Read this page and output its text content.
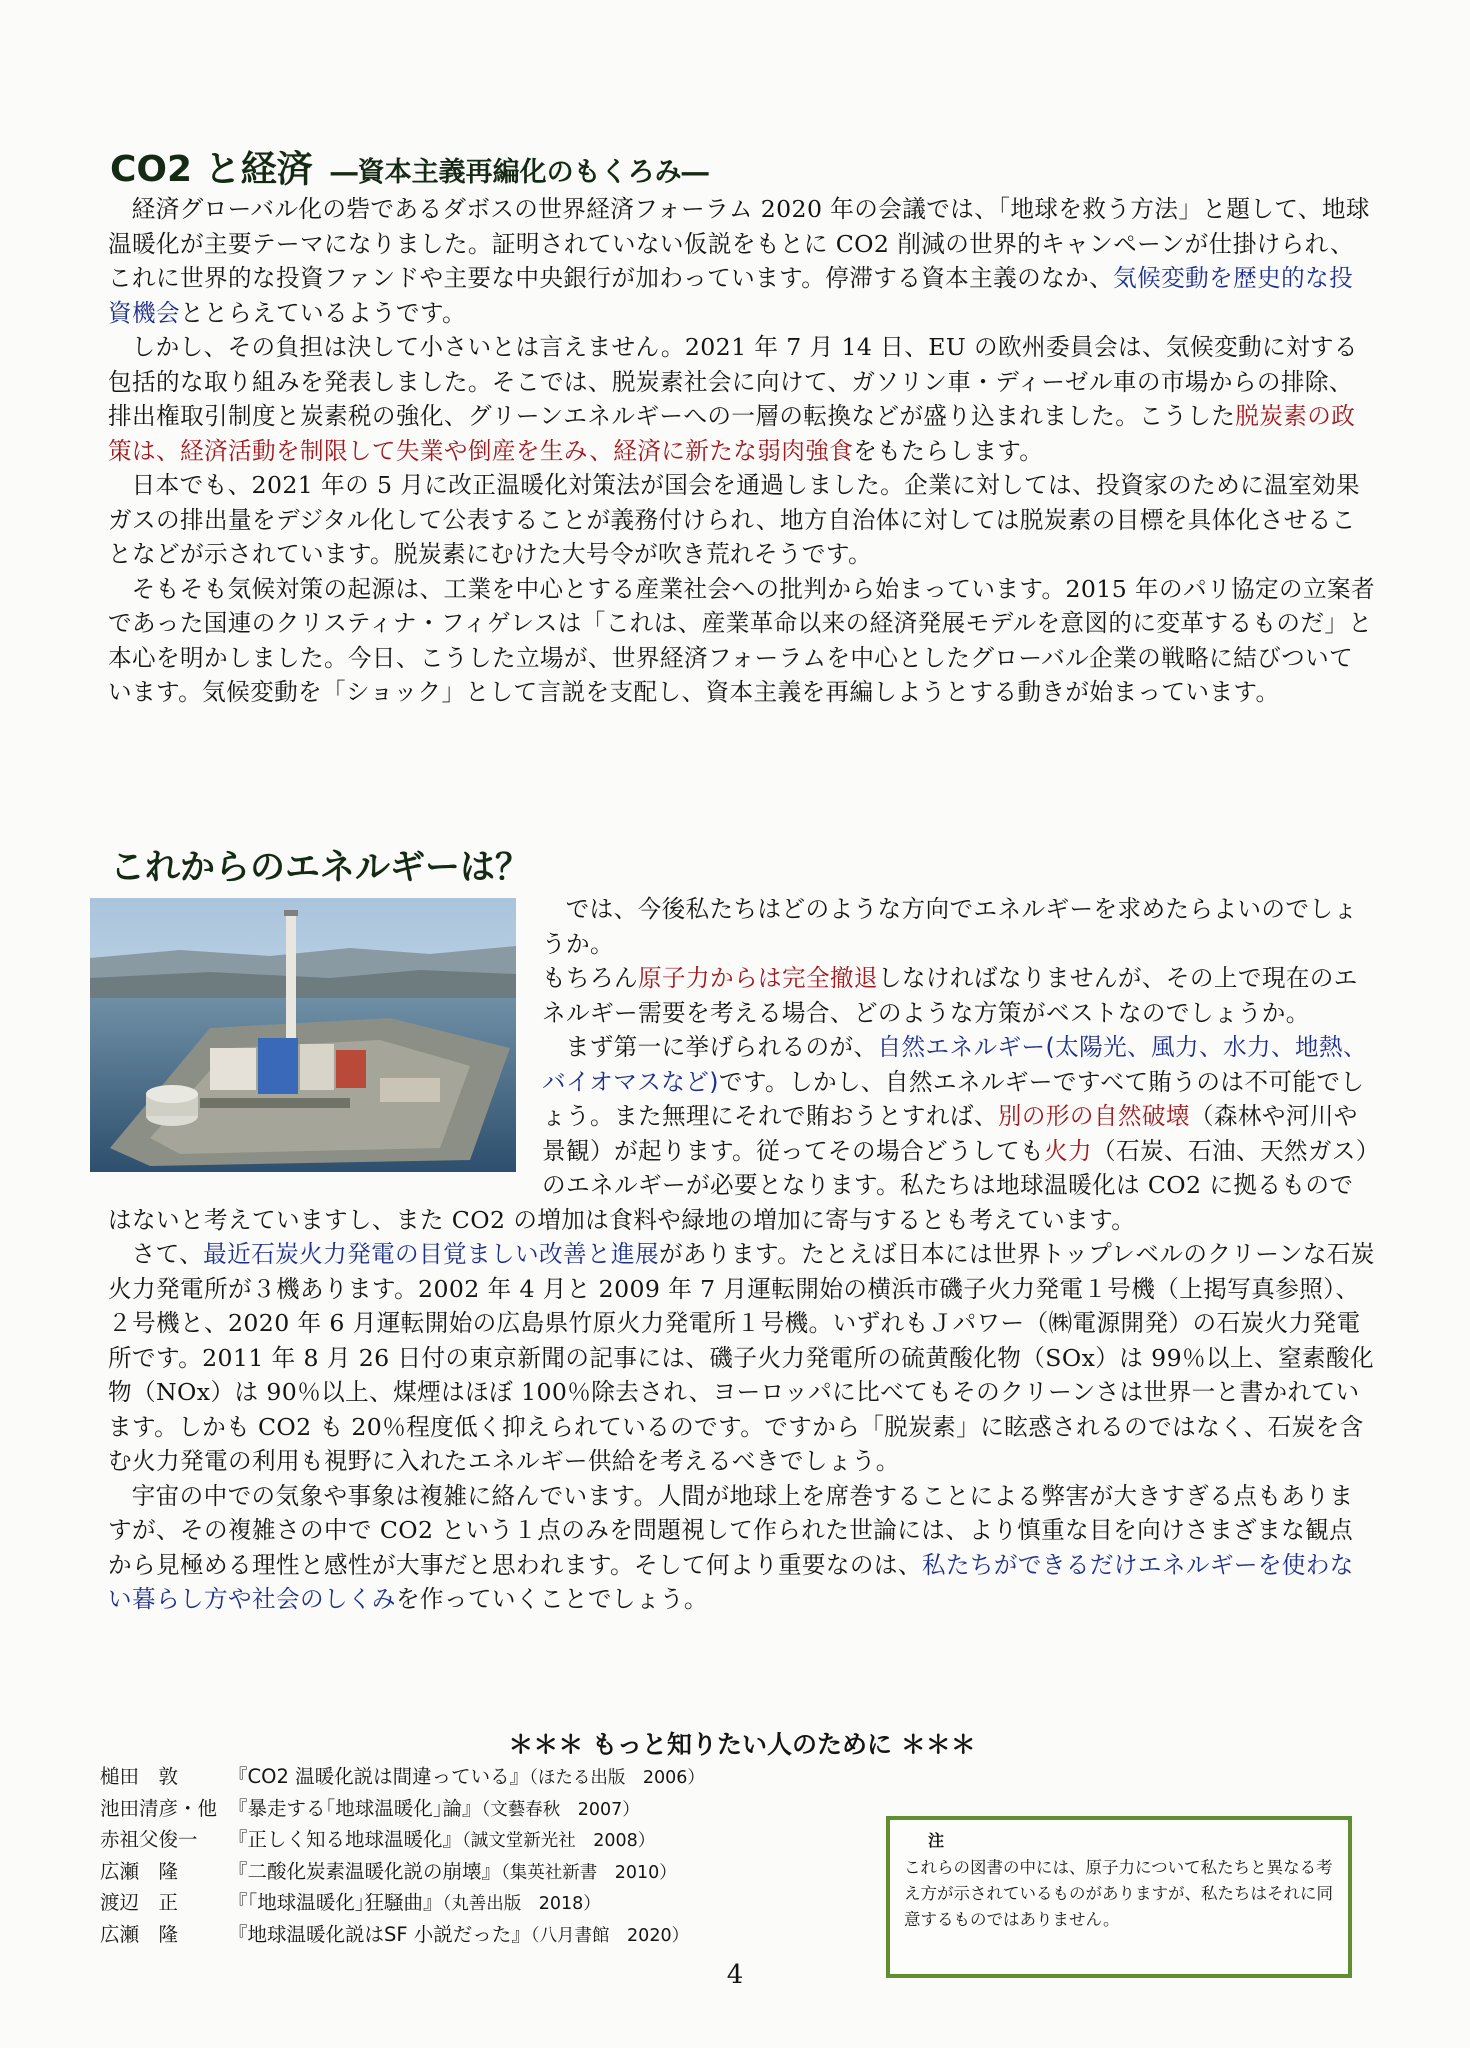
CO2 と経済 ―資本主義再編化のもくろみ―

経済グローバル化の砦であるダボスの世界経済フォーラム 2020 年の会議では、「地球を救う方法」と題して、地球温暖化が主要テーマになりました。証明されていない仮説をもとに CO2 削減の世界的キャンペーンが仕掛けられ、これに世界的な投資ファンドや主要な中央銀行が加わっています。停滞する資本主義のなか、気候変動を歴史的な投資機会ととらえているようです。

しかし、その負担は決して小さいとは言えません。2021 年 7 月 14 日、EU の欧州委員会は、気候変動に対する包括的な取り組みを発表しました。そこでは、脱炭素社会に向けて、ガソリン車・ディーゼル車の市場からの排除、排出権取引制度と炭素税の強化、グリーンエネルギーへの一層の転換などが盛り込まれました。こうした脱炭素の政策は、経済活動を制限して失業や倒産を生み、経済に新たな弱肉強食をもたらします。

日本でも、2021 年の 5 月に改正温暖化対策法が国会を通過しました。企業に対しては、投資家のために温室効果ガスの排出量をデジタル化して公表することが義務付けられ、地方自治体に対しては脱炭素の目標を具体化させることなどが示されています。脱炭素にむけた大号令が吹き荒れそうです。

そもそも気候対策の起源は、工業を中心とする産業社会への批判から始まっています。2015 年のパリ協定の立案者であった国連のクリスティナ・フィゲレスは「これは、産業革命以来の経済発展モデルを意図的に変革するものだ」と本心を明かしました。今日、こうした立場が、世界経済フォーラムを中心としたグローバル企業の戦略に結びついています。気候変動を「ショック」として言説を支配し、資本主義を再編しようとする動きが始まっています。

これからのエネルギーは？

では、今後私たちはどのような方向でエネルギーを求めたらよいのでしょうか。

もちろん原子力からは完全撤退しなければなりませんが、その上で現在のエネルギー需要を考える場合、どのような方策がベストなのでしょうか。

まず第一に挙げられるのが、自然エネルギー(太陽光、風力、水力、地熱、バイオマスなど)です。しかし、自然エネルギーですべて賄うのは不可能でしょう。また無理にそれで賄おうとすれば、別の形の自然破壊（森林や河川や景観）が起ります。従ってその場合どうしても火力（石炭、石油、天然ガス）のエネルギーが必要となります。私たちは地球温暖化は CO2 に拠るものではないと考えていますし、また CO2 の増加は食料や緑地の増加に寄与するとも考えています。

さて、最近石炭火力発電の目覚ましい改善と進展があります。たとえば日本には世界トップレベルのクリーンな石炭火力発電所が３機あります。2002 年 4 月と 2009 年 7 月運転開始の横浜市磯子火力発電１号機（上掲写真参照）、２号機と、2020 年 6 月運転開始の広島県竹原火力発電所１号機。いずれもＪパワー（㈱電源開発）の石炭火力発電所です。2011 年 8 月 26 日付の東京新聞の記事には、磯子火力発電所の硫黄酸化物（SOx）は 99％以上、窒素酸化物（NOx）は 90％以上、煤煙はほぼ 100％除去され、ヨーロッパに比べてもそのクリーンさは世界一と書かれています。しかも CO2 も 20％程度低く抑えられているのです。ですから「脱炭素」に眩惑されるのではなく、石炭を含む火力発電の利用も視野に入れたエネルギー供給を考えるべきでしょう。

宇宙の中での気象や事象は複雑に絡んでいます。人間が地球上を席巻することによる弊害が大きすぎる点もありますが、その複雑さの中で CO2 という１点のみを問題視して作られた世論には、より慎重な目を向けさまざまな観点から見極める理性と感性が大事だと思われます。そして何より重要なのは、私たちができるだけエネルギーを使わない暮らし方や社会のしくみを作っていくことでしょう。

＊＊＊ もっと知りたい人のために ＊＊＊
槌田　敦	『CO2 温暖化説は間違っている』（ほたる出版　2006）
池田清彦・他 『暴走する｢地球温暖化｣論』（文藝春秋　2007）
赤祖父俊一 『正しく知る地球温暖化』（誠文堂新光社　2008）
広瀬　隆	『二酸化炭素温暖化説の崩壊』（集英社新書　2010）
渡辺　正	『｢地球温暖化｣狂騒曲』（丸善出版　2018）
広瀬　隆	『地球温暖化説はSF 小説だった』（八月書館　2020）

注

これらの図書の中には、原子力について私たちと異なる考え方が示されているものがありますが、私たちはそれに同意するものではありません。

4
